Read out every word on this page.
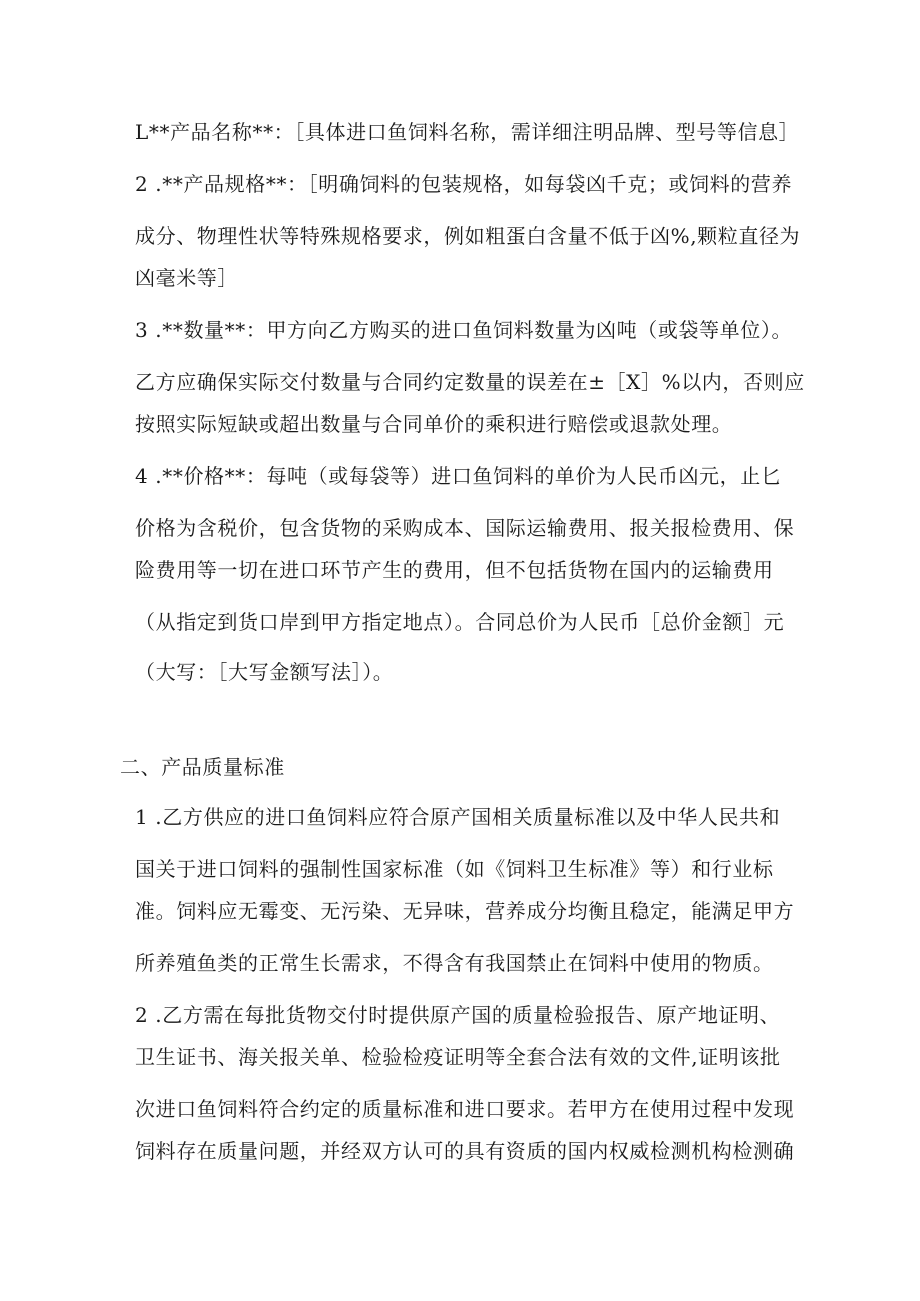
L**产品名称**：［具体进口鱼饲料名称，需详细注明品牌、型号等信息］
2 .**产品规格**：［明确饲料的包装规格，如每袋凶千克；或饲料的营养
成分、物理性状等特殊规格要求，例如粗蛋白含量不低于凶%,颗粒直径为
凶毫米等］
3 .**数量**：甲方向乙方购买的进口鱼饲料数量为凶吨（或袋等单位）。
乙方应确保实际交付数量与合同约定数量的误差在±［X］%以内，否则应
按照实际短缺或超出数量与合同单价的乘积进行赔偿或退款处理。
4 .**价格**：每吨（或每袋等）进口鱼饲料的单价为人民币凶元，止匕
价格为含税价，包含货物的采购成本、国际运输费用、报关报检费用、保
险费用等一切在进口环节产生的费用，但不包括货物在国内的运输费用
（从指定到货口岸到甲方指定地点）。合同总价为人民币［总价金额］元
（大写：［大写金额写法］）。
二、产品质量标准
1 .乙方供应的进口鱼饲料应符合原产国相关质量标准以及中华人民共和
国关于进口饲料的强制性国家标准（如《饲料卫生标准》等）和行业标
准。饲料应无霉变、无污染、无异味，营养成分均衡且稳定，能满足甲方
所养殖鱼类的正常生长需求，不得含有我国禁止在饲料中使用的物质。
2 .乙方需在每批货物交付时提供原产国的质量检验报告、原产地证明、
卫生证书、海关报关单、检验检疫证明等全套合法有效的文件,证明该批
次进口鱼饲料符合约定的质量标准和进口要求。若甲方在使用过程中发现
饲料存在质量问题，并经双方认可的具有资质的国内权威检测机构检测确
